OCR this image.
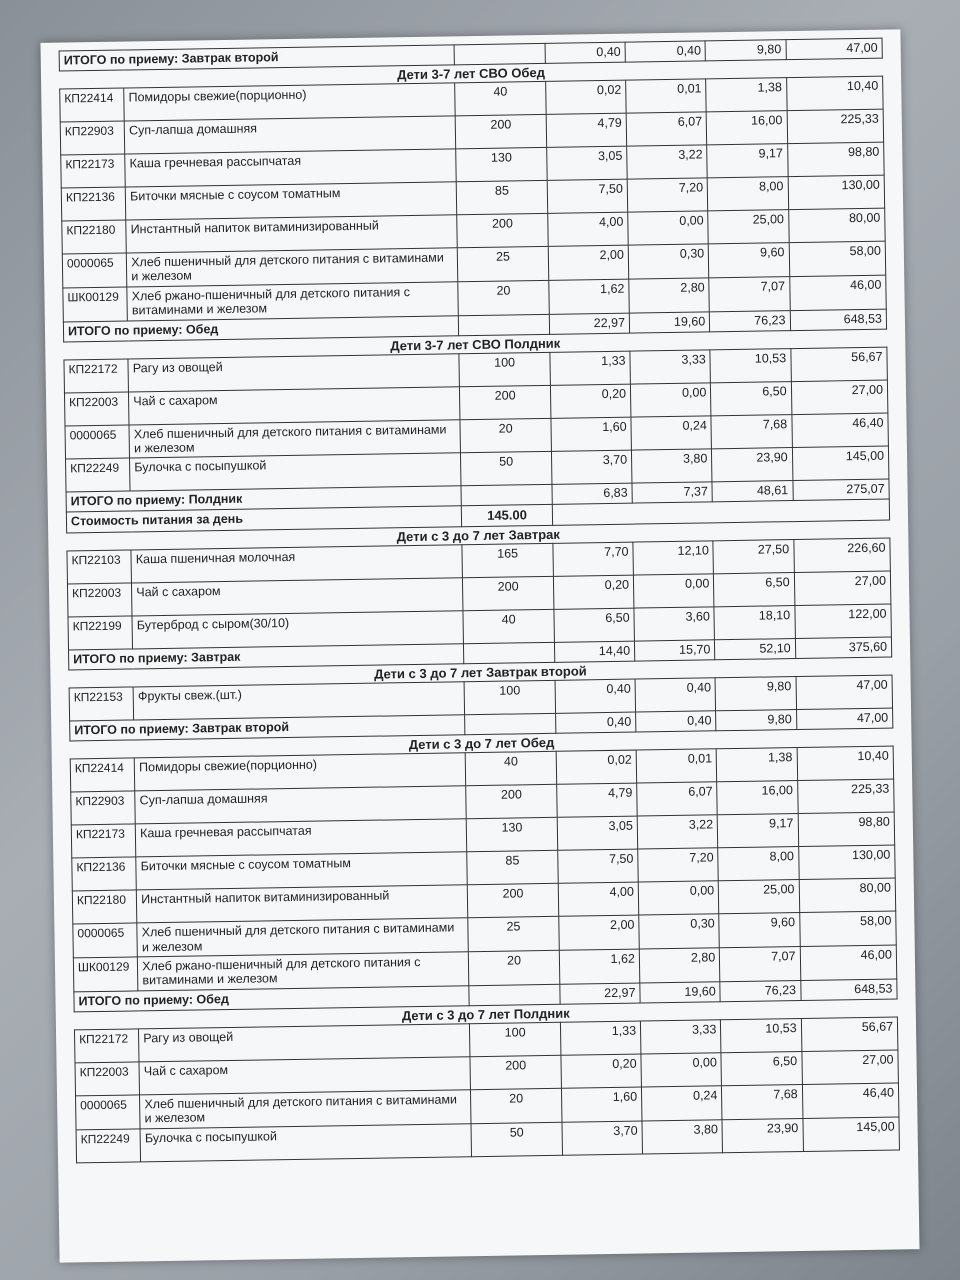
ИТОГО по приему: Завтрак второй			0,40	0,40	9,80	47,00
Дети 3-7 лет СВО Обед						
КП22414	Помидоры свежие(порционно)	40	0,02	0,01	1,38	10,40
КП22903	Суп-лапша домашняя	200	4,79	6,07	16,00	225,33
КП22173	Каша гречневая рассыпчатая	130	3,05	3,22	9,17	98,80
КП22136	Биточки мясные с соусом томатным	85	7,50	7,20	8,00	130,00
КП22180	Инстантный напиток витаминизированный	200	4,00	0,00	25,00	80,00
0000065	Хлеб пшеничный для детского питания с витаминами и железом	25	2,00	0,30	9,60	58,00
ШК00129	Хлеб ржано-пшеничный для детского питания с витаминами и железом	20	1,62	2,80	7,07	46,00
ИТОГО по приему: Обед			22,97	19,60	76,23	648,53
Дети 3-7 лет СВО Полдник						
КП22172	Рагу из овощей	100	1,33	3,33	10,53	56,67
КП22003	Чай с сахаром	200	0,20	0,00	6,50	27,00
0000065	Хлеб пшеничный для детского питания с витаминами и железом	20	1,60	0,24	7,68	46,40
КП22249	Булочка с посыпушкой	50	3,70	3,80	23,90	145,00
ИТОГО по приему: Полдник			6,83	7,37	48,61	275,07
Стоимость питания за день		145.00				
Дети с 3 до 7 лет Завтрак						
КП22103	Каша пшеничная молочная	165	7,70	12,10	27,50	226,60
КП22003	Чай с сахаром	200	0,20	0,00	6,50	27,00
КП22199	Бутерброд с сыром(30/10)	40	6,50	3,60	18,10	122,00
ИТОГО по приему: Завтрак			14,40	15,70	52,10	375,60
Дети с 3 до 7 лет Завтрак второй						
КП22153	Фрукты свеж.(шт.)	100	0,40	0,40	9,80	47,00
ИТОГО по приему: Завтрак второй			0,40	0,40	9,80	47,00
Дети с 3 до 7 лет Обед						
КП22414	Помидоры свежие(порционно)	40	0,02	0,01	1,38	10,40
КП22903	Суп-лапша домашняя	200	4,79	6,07	16,00	225,33
КП22173	Каша гречневая рассыпчатая	130	3,05	3,22	9,17	98,80
КП22136	Биточки мясные с соусом томатным	85	7,50	7,20	8,00	130,00
КП22180	Инстантный напиток витаминизированный	200	4,00	0,00	25,00	80,00
0000065	Хлеб пшеничный для детского питания с витаминами и железом	25	2,00	0,30	9,60	58,00
ШК00129	Хлеб ржано-пшеничный для детского питания с витаминами и железом	20	1,62	2,80	7,07	46,00
ИТОГО по приему: Обед			22,97	19,60	76,23	648,53
Дети с 3 до 7 лет Полдник						
КП22172	Рагу из овощей	100	1,33	3,33	10,53	56,67
КП22003	Чай с сахаром	200	0,20	0,00	6,50	27,00
0000065	Хлеб пшеничный для детского питания с витаминами и железом	20	1,60	0,24	7,68	46,40
КП22249	Булочка с посыпушкой	50	3,70	3,80	23,90	145,00
